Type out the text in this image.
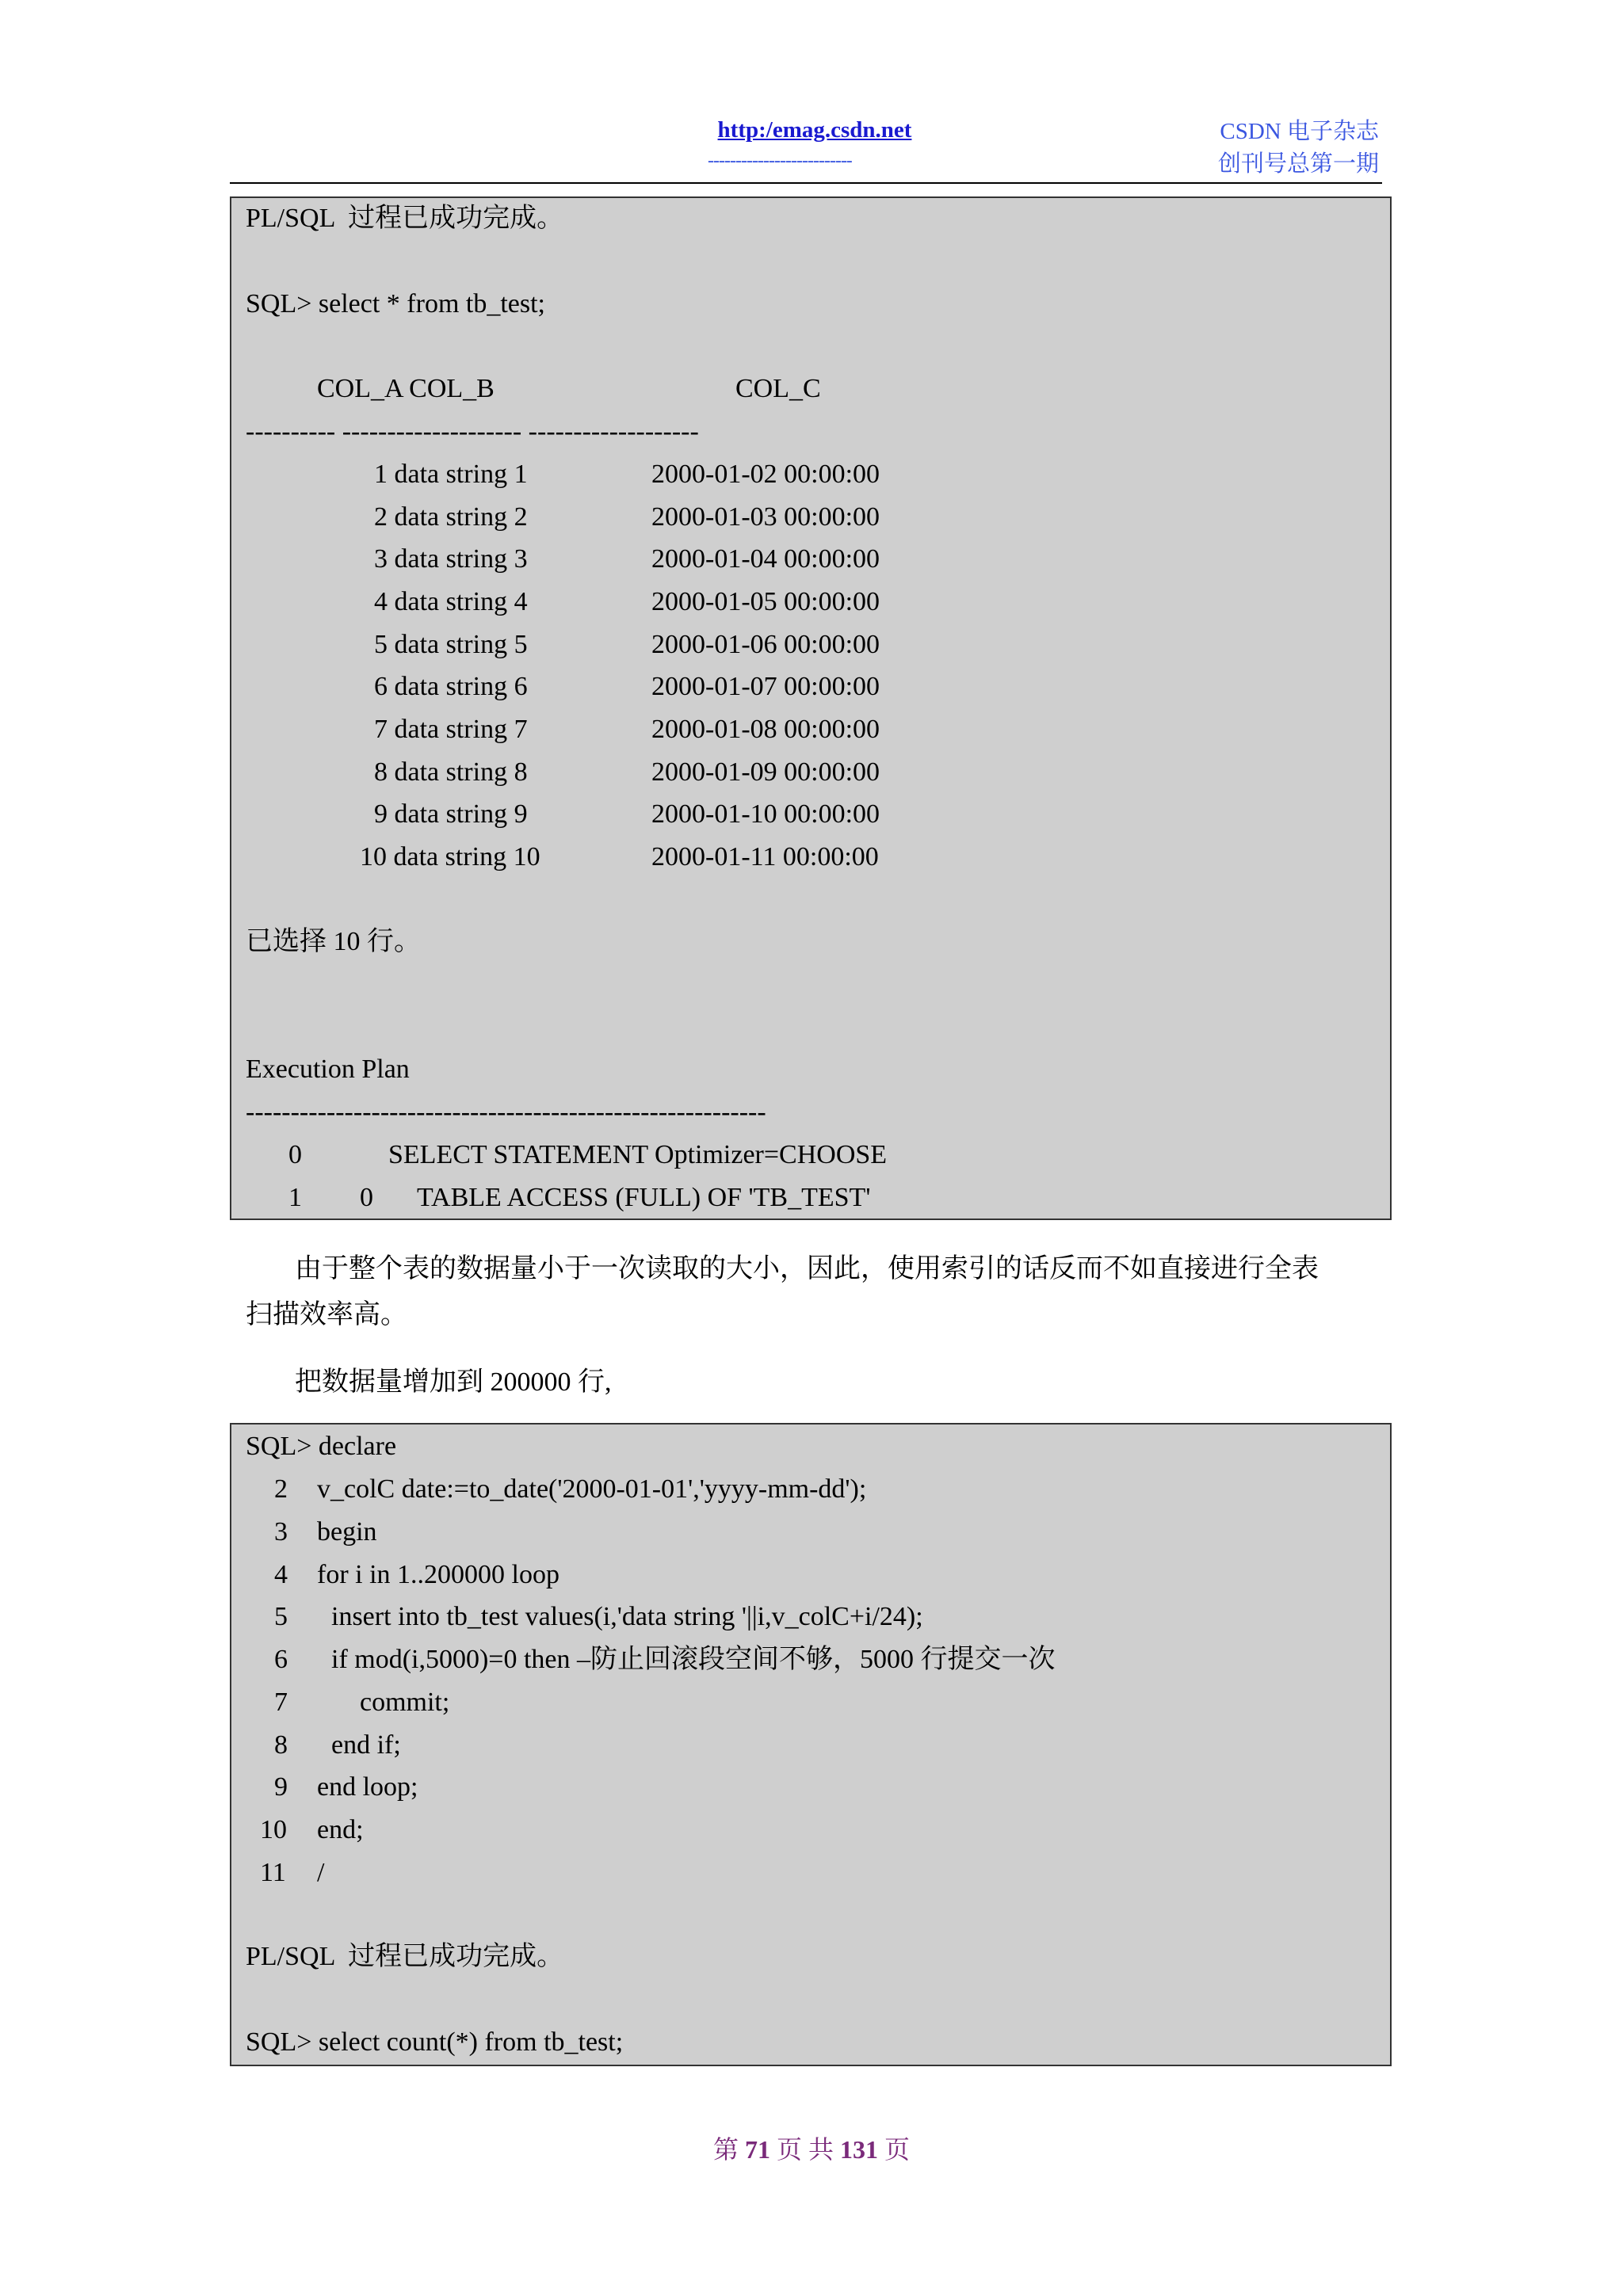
http:/emag.csdn.net
--------------------------
CSDN 电子杂志
创刊号总第一期
PL/SQL  过程已成功完成。
SQL> select * from tb_test;
COL_A COL_B	COL_C
---------- -------------------- -------------------
1 data string 1	2000-01-02 00:00:00
2 data string 2	2000-01-03 00:00:00
3 data string 3	2000-01-04 00:00:00
4 data string 4	2000-01-05 00:00:00
5 data string 5	2000-01-06 00:00:00
6 data string 6	2000-01-07 00:00:00
7 data string 7	2000-01-08 00:00:00
8 data string 8	2000-01-09 00:00:00
9 data string 9	2000-01-10 00:00:00
10 data string 10	2000-01-11 00:00:00
已选择 10 行。
Execution Plan
----------------------------------------------------------
0	SELECT STATEMENT Optimizer=CHOOSE
1 0 TABLE ACCESS (FULL) OF 'TB_TEST'
由于整个表的数据量小于一次读取的大小，因此，使用索引的话反而不如直接进行全表
扫描效率高。
把数据量增加到 200000 行,
SQL> declare
2 v_colC date:=to_date('2000-01-01','yyyy-mm-dd');
3 begin
4 for i in 1..200000 loop
5 insert into tb_test values(i,'data string '||i,v_colC+i/24);
6 if mod(i,5000)=0 then –防止回滚段空间不够，5000 行提交一次
7	commit;
8 end if;
9 end loop;
10 end;
11 /
PL/SQL  过程已成功完成。
SQL> select count(*) from tb_test;
第 71 页 共 131 页
